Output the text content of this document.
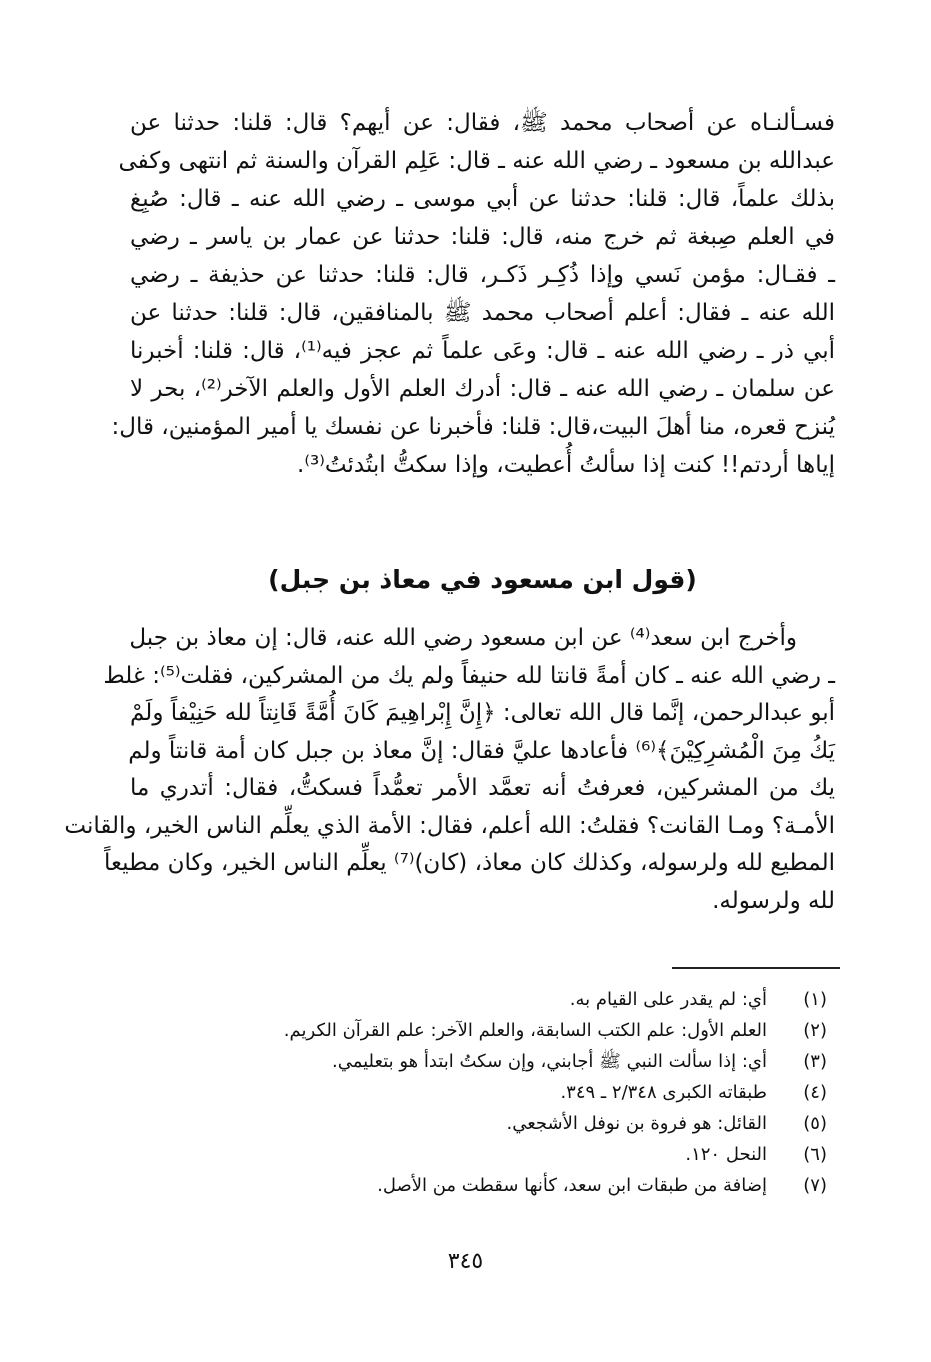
فسـألنـاه عن أصحاب محمد ﷺ، فقال: عن أيهم؟ قال: قلنا: حدثنا عن
عبدالله بن مسعود ـ رضي الله عنه ـ قال: عَلِم القرآن والسنة ثم انتهى وكفى
بذلك علماً، قال: قلنا: حدثنا عن أبي موسى ـ رضي الله عنه ـ قال: صُبِغ
في العلم صِبغة ثم خرج منه، قال: قلنا: حدثنا عن عمار بن ياسر ـ رضي
ـ فقـال: مؤمن نَسي وإذا ذُكِـر ذَكـر، قال: قلنا: حدثنا عن حذيفة ـ رضي
الله عنه ـ فقال: أعلم أصحاب محمد ﷺ بالمنافقين، قال: قلنا: حدثنا عن
أبي ذر ـ رضي الله عنه ـ قال: وعَى علماً ثم عجز فيه⁽¹⁾، قال: قلنا: أخبرنا
عن سلمان ـ رضي الله عنه ـ قال: أدرك العلم الأول والعلم الآخر⁽²⁾، بحر لا
يُنزح قعره، منا أهلَ البيت،قال: قلنا: فأخبرنا عن نفسك يا أمير المؤمنين، قال:
إياها أردتم!! كنت إذا سألتُ أُعطيت، وإذا سكتُّ ابتُدئتُ⁽³⁾.
(قول ابن مسعود في معاذ بن جبل)
وأخرج ابن سعد⁽⁴⁾ عن ابن مسعود رضي الله عنه، قال: إن معاذ بن جبل
ـ رضي الله عنه ـ كان أمةً قانتا لله حنيفاً ولم يك من المشركين، فقلت⁽⁵⁾: غلط
أبو عبدالرحمن، إنَّما قال الله تعالى: ﴿إِنَّ إِبْراهِيمَ كَانَ أُمَّةً قَانِتاً لله حَنِيْفاً ولَمْ
يَكُ مِنَ الْمُشرِكِيْنَ﴾⁽⁶⁾ فأعادها عليَّ فقال: إنَّ معاذ بن جبل كان أمة قانتاً ولم
يك من المشركين، فعرفتُ أنه تعمَّد الأمر تعمُّداً فسكتُّ، فقال: أتدري ما
الأمـة؟ ومـا القانت؟ فقلتُ: الله أعلم، فقال: الأمة الذي يعلِّم الناس الخير، والقانت
المطيع لله ولرسوله، وكذلك كان معاذ، (كان)⁽⁷⁾ يعلِّم الناس الخير، وكان مطيعاً
لله ولرسوله.
(١)
أي: لم يقدر على القيام به.
(٢)
العلم الأول: علم الكتب السابقة، والعلم الآخر: علم القرآن الكريم.
(٣)
أي: إذا سألت النبي ﷺ أجابني، وإن سكتُ ابتدأ هو بتعليمي.
(٤)
طبقاته الكبرى ٢/٣٤٨ ـ ٣٤٩.
(٥)
القائل: هو فروة بن نوفل الأشجعي.
(٦)
النحل ١٢٠.
(٧)
إضافة من طبقات ابن سعد، كأنها سقطت من الأصل.
٣٤٥
